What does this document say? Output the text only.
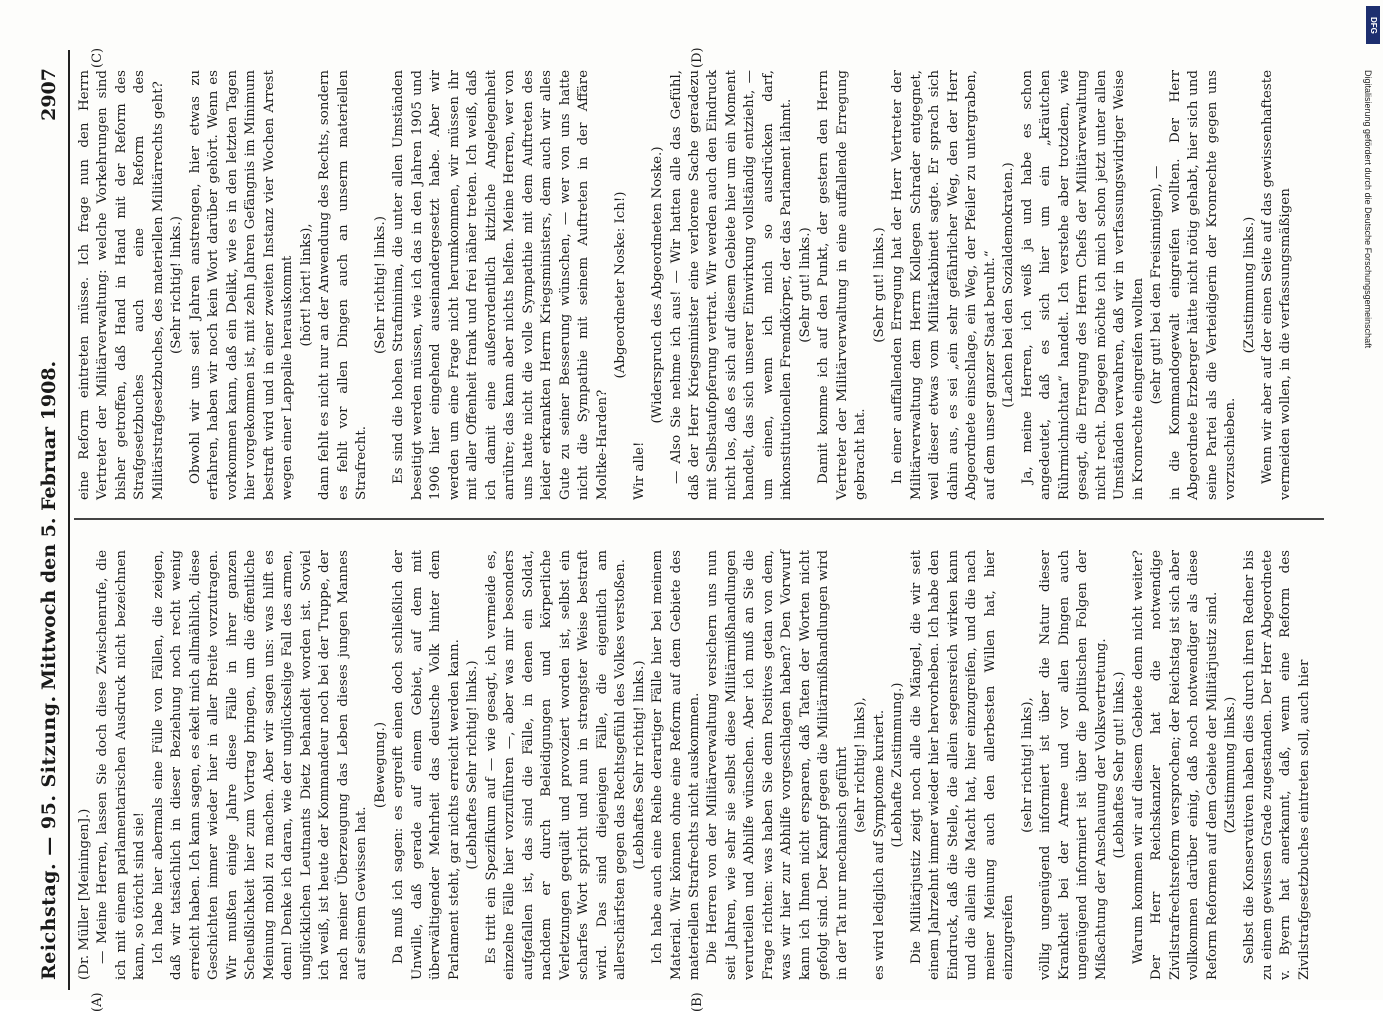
Reichstag. — 95. Sitzung.
Mittwoch den 5. Februar 1908.
2907
(A)	(B)
(C)	(D)

(Dr. Müller [Meiningen].) — Meine Herren, lassen Sie doch diese Zwischenrufe, die ich mit einem parlamentarischen Ausdruck nicht bezeichnen kann, so töricht sind sie! Ich habe hier abermals eine Fülle von Fällen, die zeigen, daß wir tatsächlich in dieser Beziehung noch recht wenig erreicht haben. Ich kann sagen, es ekelt mich allmählich, diese Geschichten immer wieder hier in aller Breite vorzutragen. Wir mußten einige Jahre diese Fälle in ihrer ganzen Scheußlichkeit hier zum Vortrag bringen, um die öffentliche Meinung mobil zu machen. Aber wir sagen uns: was hilft es denn! Denke ich daran, wie der unglückselige Fall des armen, unglücklichen Leutnants Dietz behandelt worden ist. Soviel ich weiß, ist heute der Kommandeur noch bei der Truppe, der nach meiner Überzeugung das Leben dieses jungen Mannes auf seinem Gewissen hat.

(Bewegung.) Da muß ich sagen: es ergreift einen doch schließlich der Unwille, daß gerade auf einem Gebiet, auf dem mit überwältigender Mehrheit das deutsche Volk hinter dem Parlament steht, gar nichts erreicht werden kann. (Lebhaftes Sehr richtig! links.) Es tritt ein Spezifikum auf — wie gesagt, ich vermeide es, einzelne Fälle hier vorzuführen —, aber was mir besonders aufgefallen ist, das sind die Fälle, in denen ein Soldat, nachdem er durch Beleidigungen und körperliche Verletzungen gequält und provoziert worden ist, selbst ein scharfes Wort spricht und nun in strengster Weise bestraft wird. Das sind diejenigen Fälle, die eigentlich am allerschärfsten gegen das Rechtsgefühl des Volkes verstoßen. (Lebhaftes Sehr richtig! links.) Ich habe auch eine Reihe derartiger Fälle hier bei meinem Material. Wir können ohne eine Reform auf dem Gebiete des materiellen Strafrechts nicht auskommen. Die Herren von der Militärverwaltung versichern uns nun seit Jahren, wie sehr sie selbst diese Militärmißhandlungen verurteilen und Abhilfe wünschen. Aber ich muß an Sie die Frage richten: was haben Sie denn Positives getan von dem, was wir hier zur Abhilfe vorgeschlagen haben? Den Vorwurf kann ich Ihnen nicht ersparen, daß Taten der Worten nicht gefolgt sind. Der Kampf gegen die Militärmißhandlungen wird in der Tat nur mechanisch geführt (sehr richtig! links), es wird lediglich auf Symptome kuriert. (Lebhafte Zustimmung.) Die Militärjustiz zeigt noch alle die Mängel, die wir seit einem Jahrzehnt immer wieder hier hervorheben. Ich habe den Eindruck, daß die Stelle, die allein segensreich wirken kann und die allein die Macht hat, hier einzugreifen, und die nach meiner Meinung auch den allerbesten Willen hat, hier einzugreifen

(sehr richtig! links), völlig ungenügend informiert ist über die Natur dieser Krankheit bei der Armee und vor allen Dingen auch ungenügend informiert ist über die politischen Folgen der Mißachtung der Anschauung der Volksvertretung. (Lebhaftes Sehr gut! links.) Warum kommen wir auf diesem Gebiete denn nicht weiter? Der Herr Reichskanzler hat die notwendige Zivilstrafrechtsreform versprochen; der Reichstag ist sich aber vollkommen darüber einig, daß noch notwendiger als diese Reform Reformen auf dem Gebiete der Militärjustiz sind. (Zustimmung links.) Selbst die Konservativen haben dies durch ihren Redner bis zu einem gewissen Grade zugestanden. Der Herr Abgeordnete v. Byern hat anerkannt, daß, wenn eine Reform des Zivilstrafgesetzbuches eintreten soll, auch hier

eine Reform eintreten müsse. Ich frage nun den Herrn Vertreter der Militärverwaltung: welche Vorkehrungen sind bisher getroffen, daß Hand in Hand mit der Reform des Strafgesetzbuches auch eine Reform des Militärstrafgesetzbuches, des materiellen Militärrechts geht? (Sehr richtig! links.) Obwohl wir uns seit Jahren anstrengen, hier etwas zu erfahren, haben wir noch kein Wort darüber gehört. Wenn es vorkommen kann, daß ein Delikt, wie es in den letzten Tagen hier vorgekommen ist, mit zehn Jahren Gefängnis im Minimum bestraft wird und in einer zweiten Instanz vier Wochen Arrest wegen einer Lappalie herauskommt (hört! hört! links), dann fehlt es nicht nur an der Anwendung des Rechts, sondern es fehlt vor allen Dingen auch an unserm materiellen Strafrecht.

(Sehr richtig! links.) Es sind die hohen Strafminima, die unter allen Umständen beseitigt werden müssen, wie ich das in den Jahren 1905 und 1906 hier eingehend auseinandergesetzt habe. Aber wir werden um eine Frage nicht herumkommen, wir müssen ihr mit aller Offenheit frank und frei näher treten. Ich weiß, daß ich damit eine außerordentlich kitzliche Angelegenheit anrühre; das kann aber nichts helfen. Meine Herren, wer von uns hatte nicht die volle Sympathie mit dem Auftreten des leider erkrankten Herrn Kriegsministers, dem auch wir alles Gute zu seiner Besserung wünschen, — wer von uns hatte nicht die Sympathie mit seinem Auftreten in der Affäre Moltke-Harden?

(Abgeordneter Noske: Ich!)

Wir alle!

(Widerspruch des Abgeordneten Noske.) — Also Sie nehme ich aus! — Wir hatten alle das Gefühl, daß der Herr Kriegsminister eine verlorene Sache geradezu mit Selbstaufopferung vertrat. Wir werden auch den Eindruck nicht los, daß es sich auf diesem Gebiete hier um ein Moment handelt, das sich unserer Einwirkung vollständig entzieht, — um einen, wenn ich mich so ausdrücken darf, inkonstitutionellen Fremdkörper, der das Parlament lähmt. (Sehr gut! links.) Damit komme ich auf den Punkt, der gestern den Herrn Vertreter der Militärverwaltung in eine auffallende Erregung gebracht hat.

(Sehr gut! links.) In einer auffallenden Erregung hat der Herr Vertreter der Militärverwaltung dem Herrn Kollegen Schrader entgegnet, weil dieser etwas vom Militärkabinett sagte. Er sprach sich dahin aus, es sei „ein sehr gefährlicher Weg, den der Herr Abgeordnete einschlage, ein Weg, der Pfeiler zu untergraben, auf dem unser ganzer Staat beruht.“ (Lachen bei den Sozialdemokraten.) Ja, meine Herren, ich weiß ja und habe es schon angedeutet, daß es sich hier um ein „kräutchen Rührmichnichtan“ handelt. Ich verstehe aber trotzdem, wie gesagt, die Erregung des Herrn Chefs der Militärverwaltung nicht recht. Dagegen möchte ich mich schon jetzt unter allen Umständen verwahren, daß wir in verfassungswidriger Weise in Kronrechte eingreifen wollten (sehr gut! bei den Freisinnigen), — in die Kommandogewalt eingreifen wollten. Der Herr Abgeordnete Erzberger hätte nicht nötig gehabt, hier sich und seine Partei als die Verteidigerin der Kronrechte gegen uns vorzuschieben.

(Zustimmung links.) Wenn wir aber auf der einen Seite auf das gewissenhafteste vermeiden wollen, in die verfassungsmäßigen	Digitalisierung gefördert durch die Deutsche Forschungsgemeinschaft
DFG
